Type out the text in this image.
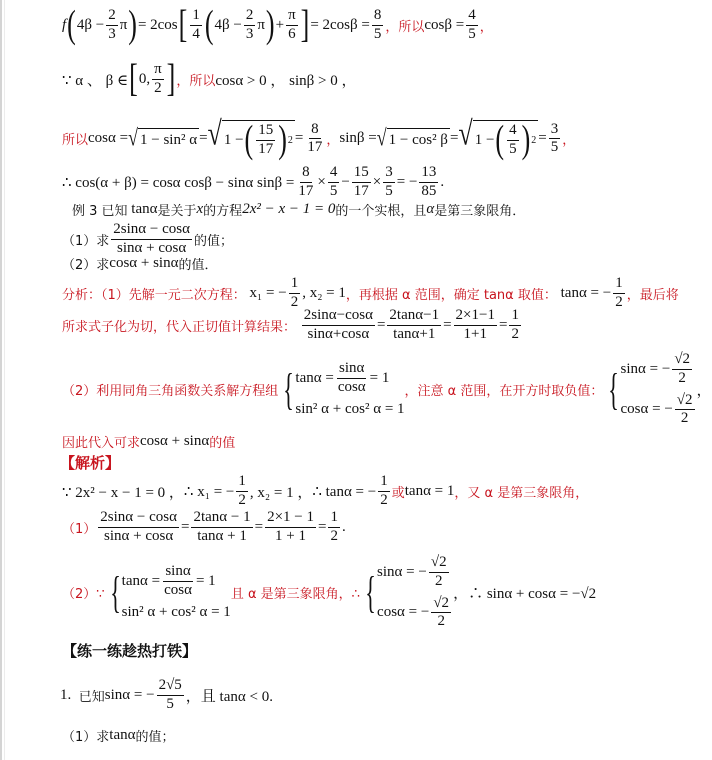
f ( $4\beta - \frac{2}{3}$ π ) = 2cos [ $\frac{1}{4}$ ( $4\beta - \frac{2}{3}$ π ) + $\frac{\pi}{6}$ ] = $2\cos\beta = \frac{8}{5}$ ，所以 $\cos\beta = \frac{4}{5}$ ，
∵ α 、 β ∈ [ 0, $\frac{\pi}{2}$ ] ，所以 cosα > 0 ， sinβ > 0 ，
所以 cosα = √ 1 − sin² α = √ 1 − ( $\frac{15}{17}$ ) $2 = \frac{8}{17}$ ， sinβ = √ 1 − cos² β = √ 1 − ( $\frac{4}{5}$ ) $2 = \frac{3}{5}$ ，
∴ cos(α + β) = cosα cosβ − sinα $\sin\beta = \frac{8}{17} \times \frac{4}{5} - \frac{15}{17} \times \frac{3}{5}$ = − $\frac{13}{85}$ .
例 3 已知
tanα 是关于 x 的方程 2x² − x − 1 = 0 的一个实根，且 α 是第三象限角．
（1）求 $\frac{2\sin\alpha - \cos\alpha}{\sin\alpha + \cos\alpha}$ 的值；
（2）求 cosα + sinα 的值．
分析：（1）先解一元二次方程：
x₁ = − $\frac{1}{2}$ , x₂ = 1 ，再根据 α 范围，确定 tanα 取值：
tanα = − $\frac{1}{2}$ ，最后将
所求式子化为切，代入正切值计算结果：
$\frac{2\sin\alpha-\cos\alpha}{\sin\alpha+\cos\alpha} = \frac{2\tan\alpha-1}{\tan\alpha+1} = \frac{2\times 1-1}{1+1} = \frac{1}{2}$
（2）利用同角三角函数关系解方程组 { $\tan\alpha = \frac{\sin\alpha}{\cos\alpha} = 1$
sin² α + cos² α = 1
，注意 α 范围，在开方时取负值： { sinα = − $\frac{√2}{2}$
cosα = − $\frac{√2}{2}$
，
因此代入可求 cosα + sinα 的值
【解析】
∵ 2x² − x − 1 = 0 ， ∴ x₁ = − $\frac{1}{2}$ , x₂ = 1 ， ∴ tanα = − $\frac{1}{2}$ 或 tanα = 1 ，又 α 是第三象限角，
$(1) \frac{2\sin\alpha - \cos\alpha}{\sin\alpha + \cos\alpha} = \frac{2\tan\alpha - 1}{\tan\alpha + 1} = \frac{2\times 1 - 1}{1 + 1} = \frac{1}{2}$ .
（2）∵ { $\tan\alpha = \frac{\sin\alpha}{\cos\alpha} = 1$
sin² α + cos² α = 1
且 α 是第三象限角，∴ { sinα = − $\frac{√2}{2}$
cosα = − $\frac{√2}{2}$
，∴ sinα + cosα = −√2
【练一练趁热打铁】
1.
已知 sinα = − $\frac{2√5}{5}$ ，且 tanα < 0.
（1）求 tanα 的值；
